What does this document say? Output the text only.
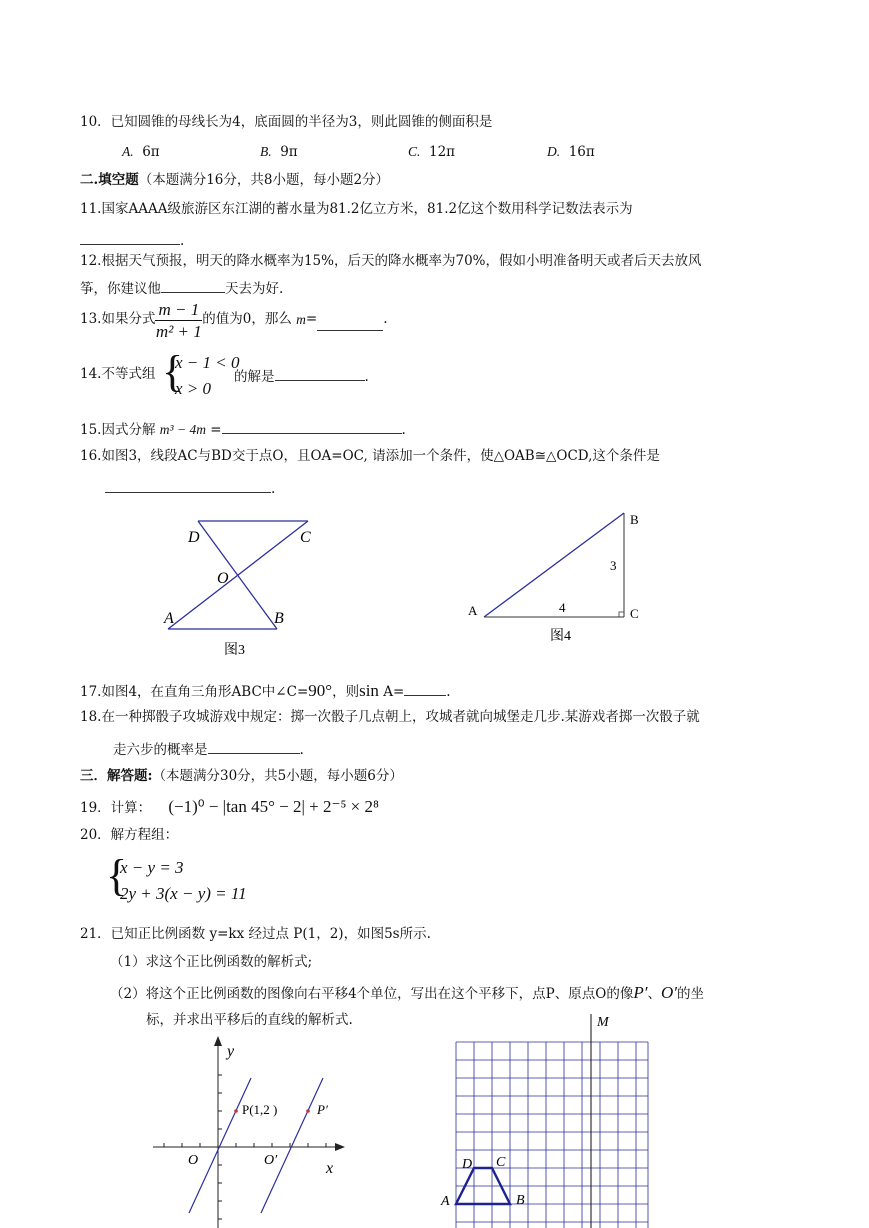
10．已知圆锥的母线长为4，底面圆的半径为3，则此圆锥的侧面积是
A. 6π	B. 9π	C. 12π	D. 16π
二.填空题（本题满分16分，共8小题，每小题2分）
11.国家AAAA级旅游区东江湖的蓄水量为81.2亿立方米，81.2亿这个数用科学记数法表示为
.
12.根据天气预报，明天的降水概率为15%，后天的降水概率为70%，假如小明准备明天或者后天去放风
筝，你建议他	天去为好.
13.如果分式 $\frac{m - 1}{\text{m² + 1}}$ 的值为0，那么
m =	.
14.不等式组 {
x − 1 < 0
x > 0
的解是	.
15.因式分解 m³ − 4m =	.
16.如图3，线段AC与BD交于点O，且OA=OC, 请添加一个条件，使△OAB≅△OCD,这个条件是
.
D	C
O
A	B
图3
B
A	C
3
4
图4
17.如图4，在直角三角形ABC中∠C=90°，则sin A=	.
18.在一种掷骰子攻城游戏中规定：掷一次骰子几点朝上，攻城者就向城堡走几步.某游戏者掷一次骰子就
走六步的概率是	.
三．解答题:（本题满分30分，共5小题，每小题6分）
19．计算： (−1)⁰ − |tan 45° − 2| + 2⁻⁵ × 2⁸
20．解方程组：
{
x − y = 3
2y + 3(x − y) = 11
21．已知正比例函数 y=kx 经过点 P(1，2)，如图5s所示.
（1）求这个正比例函数的解析式;
（2）将这个正比例函数的图像向右平移4个单位，写出在这个平移下，点P、原点O的像P′、O′的坐
标，并求出平移后的直线的解析式.
y
x
O	O′
P(1,2 )	P′
M
D C
A	B
